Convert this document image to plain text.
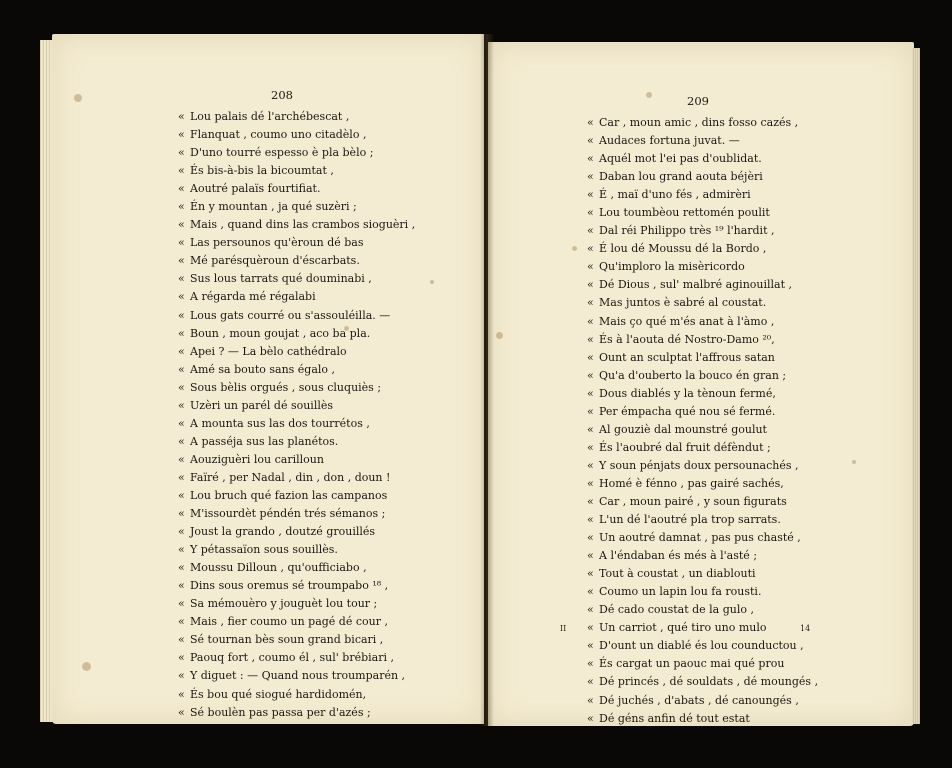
208
« Lou palais dé l'archébescat ,
« Flanquat , coumo uno citadèlo ,
« D'uno tourré espesso è pla bèlo ;
« És bis-à-bis la bicoumtat ,
« Aoutré palaïs fourtifiat.
« Én y mountan , ja qué suzèri ;
« Mais , quand dins las crambos sioguèri ,
« Las persounos qu'èroun dé bas
« Mé parésquèroun d'éscarbats.
« Sus lous tarrats qué douminabi ,
« A régarda mé régalabi
« Lous gats courré ou s'assouléilla. —
« Boun , moun goujat , aco ba pla.
« Apei ? — La bèlo cathédralo
« Amé sa bouto sans égalo ,
« Sous bèlis orgués , sous cluquiès ;
« Uzèri un parél dé souillès
« A mounta sus las dos tourrétos ,
« A passéja sus las planétos.
« Aouziguèri lou carilloun
« Faïré , per Nadal , din , don , doun !
« Lou bruch qué fazion las campanos
« M'issourdèt péndén trés sémanos ;
« Joust la grando , doutzé grouillés
« Y pétassaïon sous souillès.
« Moussu Dilloun , qu'oufficiabo ,
« Dins sous oremus sé troumpabo ¹⁸ ,
« Sa mémouèro y jouguèt lou tour ;
« Mais , fier coumo un pagé dé cour ,
« Sé tournan bès soun grand bicari ,
« Paouq fort , coumo él , sul' brébiari ,
« Y diguet : — Quand nous troumparén ,
« És bou qué siogué hardidomén,
« Sé boulèn pas passa per d'azés ;
209
« Car , moun amic , dins fosso cazés ,
« Audaces fortuna juvat. —
« Aquél mot l'ei pas d'oublidat.
« Daban lou grand aouta béjèri
« É , maï d'uno fés , admirèri
« Lou toumbèou rettomén poulit
« Dal réi Philippo très ¹⁹ l'hardit ,
« É lou dé Moussu dé la Bordo ,
« Qu'imploro la misèricordo
« Dé Dious , sul' malbré aginouillat ,
« Mas juntos è sabré al coustat.
« Mais ço qué m'és anat à l'àmo ,
« És à l'aouta dé Nostro-Damo ²⁰,
« Ount an sculptat l'affrous satan
« Qu'a d'ouberto la bouco én gran ;
« Dous diablés y la tènoun fermé,
« Per émpacha qué nou sé fermé.
« Al gouziè dal mounstré goulut
« És l'aoubré dal fruit défèndut ;
« Y soun pénjats doux persounachés ,
« Homé è fénno , pas gairé sachés,
« Car , moun pairé , y soun figurats
« L'un dé l'aoutré pla trop sarrats.
« Un aoutré damnat , pas pus chasté ,
« A l'éndaban és més à l'asté ;
« Tout à coustat , un diablouti
« Coumo un lapin lou fa rousti.
« Dé cado coustat de la gulo ,
« Un carriot , qué tiro uno mulo
« D'ount un diablé és lou counductou ,
« És cargat un paouc mai qué prou
« Dé princés , dé souldats , dé moungés ,
« Dé juchés , d'abats , dé canoungés ,
« Dé géns anfin dé tout estat
II	14
